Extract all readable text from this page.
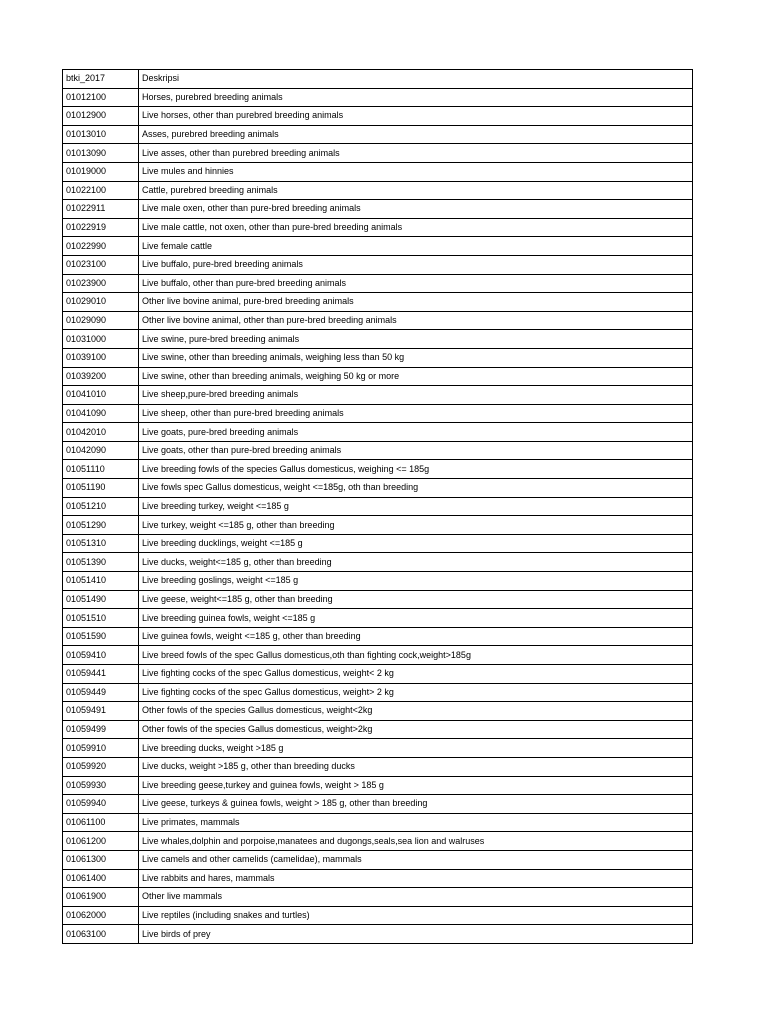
btki_2017	Deskripsi
01012100	Horses, purebred breeding animals
01012900	Live horses, other than purebred breeding animals
01013010	Asses, purebred breeding animals
01013090	Live asses, other than purebred breeding animals
01019000	Live mules and hinnies
01022100	Cattle, purebred breeding animals
01022911	Live male oxen, other than pure-bred breeding animals
01022919	Live male cattle, not oxen, other than pure-bred breeding animals
01022990	Live female cattle
01023100	Live buffalo, pure-bred breeding animals
01023900	Live buffalo, other than pure-bred breeding animals
01029010	Other live bovine animal, pure-bred breeding animals
01029090	Other live bovine animal, other than pure-bred breeding animals
01031000	Live swine, pure-bred breeding animals
01039100	Live swine, other than breeding animals, weighing less than 50 kg
01039200	Live swine, other than breeding animals, weighing 50 kg or more
01041010	Live sheep,pure-bred breeding animals
01041090	Live sheep, other than pure-bred breeding animals
01042010	Live goats, pure-bred breeding animals
01042090	Live goats, other than pure-bred breeding animals
01051110	Live breeding fowls of the species Gallus domesticus, weighing <= 185g
01051190	Live fowls spec Gallus domesticus, weight <=185g, oth than breeding
01051210	Live breeding turkey, weight <=185 g
01051290	Live turkey, weight <=185 g, other than breeding
01051310	Live breeding ducklings, weight <=185 g
01051390	Live ducks, weight<=185 g, other than breeding
01051410	Live breeding goslings, weight <=185 g
01051490	Live geese, weight<=185 g, other than breeding
01051510	Live breeding guinea fowls, weight <=185 g
01051590	Live guinea fowls, weight <=185 g, other than breeding
01059410	Live breed fowls of the spec Gallus domesticus,oth than fighting cock,weight>185g
01059441	Live fighting cocks of the spec Gallus domesticus, weight< 2 kg
01059449	Live fighting cocks of the spec Gallus domesticus, weight> 2 kg
01059491	Other fowls of the species Gallus domesticus, weight<2kg
01059499	Other fowls of the species Gallus domesticus, weight>2kg
01059910	Live breeding ducks, weight >185 g
01059920	Live ducks, weight >185 g, other than breeding ducks
01059930	Live breeding geese,turkey and guinea fowls, weight > 185 g
01059940	Live geese, turkeys & guinea fowls, weight > 185 g, other than breeding
01061100	Live primates, mammals
01061200	Live whales,dolphin and porpoise,manatees and dugongs,seals,sea lion and walruses
01061300	Live camels and other camelids (camelidae), mammals
01061400	Live rabbits and hares, mammals
01061900	Other live mammals
01062000	Live reptiles (including snakes and turtles)
01063100	Live birds of prey
